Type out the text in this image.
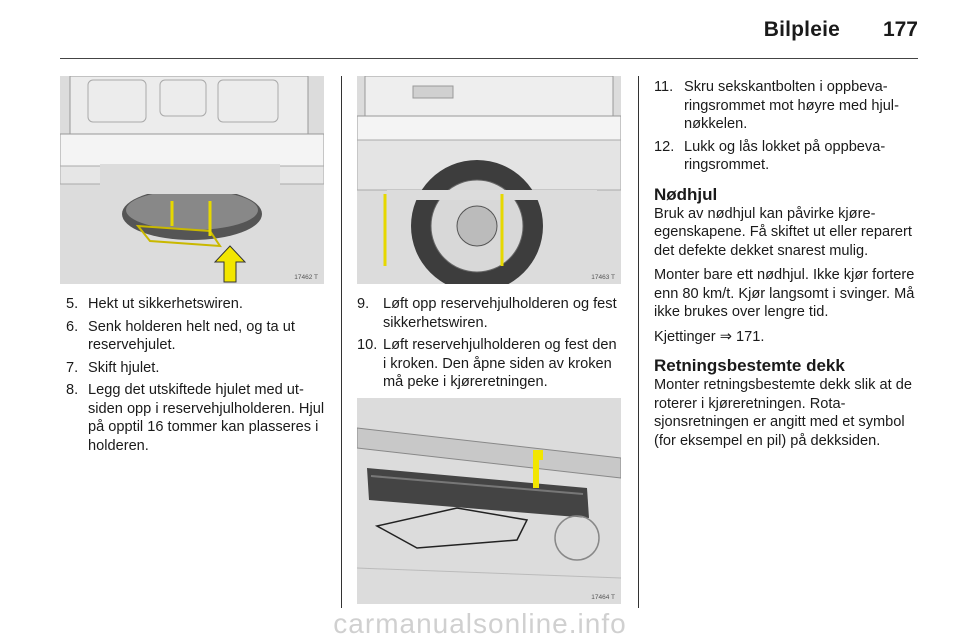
Bilpleie 177
17462 T	17463 T
17464 T
5. Hekt ut sikkerhetswiren.
6. Senk holderen helt ned, og ta ut reservehjulet.
7. Skift hjulet.
8. Legg det utskiftede hjulet med utsiden opp i reservehjulholderen. Hjul på opptil 16 tommer kan plasseres i holderen.
9. Løft opp reservehjulholderen og fest sikkerhetswiren.
10. Løft reservehjulholderen og fest den i kroken. Den åpne siden av kroken må peke i kjøreretningen.
11. Skru sekskantbolten i oppbevaringsrommet mot høyre med hjulnøkkelen.
12. Lukk og lås lokket på oppbevaringsrommet.
Nødhjul

Bruk av nødhjul kan påvirke kjøreegenskapene. Få skiftet ut eller reparert det defekte dekket snarest mulig.

Monter bare ett nødhjul. Ikke kjør fortere enn 80 km/t. Kjør langsomt i svinger. Må ikke brukes over lengre tid.

Kjettinger ⇒ 171.

Retningsbestemte dekk

Monter retningsbestemte dekk slik at de roterer i kjøreretningen. Rotasjonsretningen er angitt med et symbol (for eksempel en pil) på dekksiden.

carmanualsonline.info
